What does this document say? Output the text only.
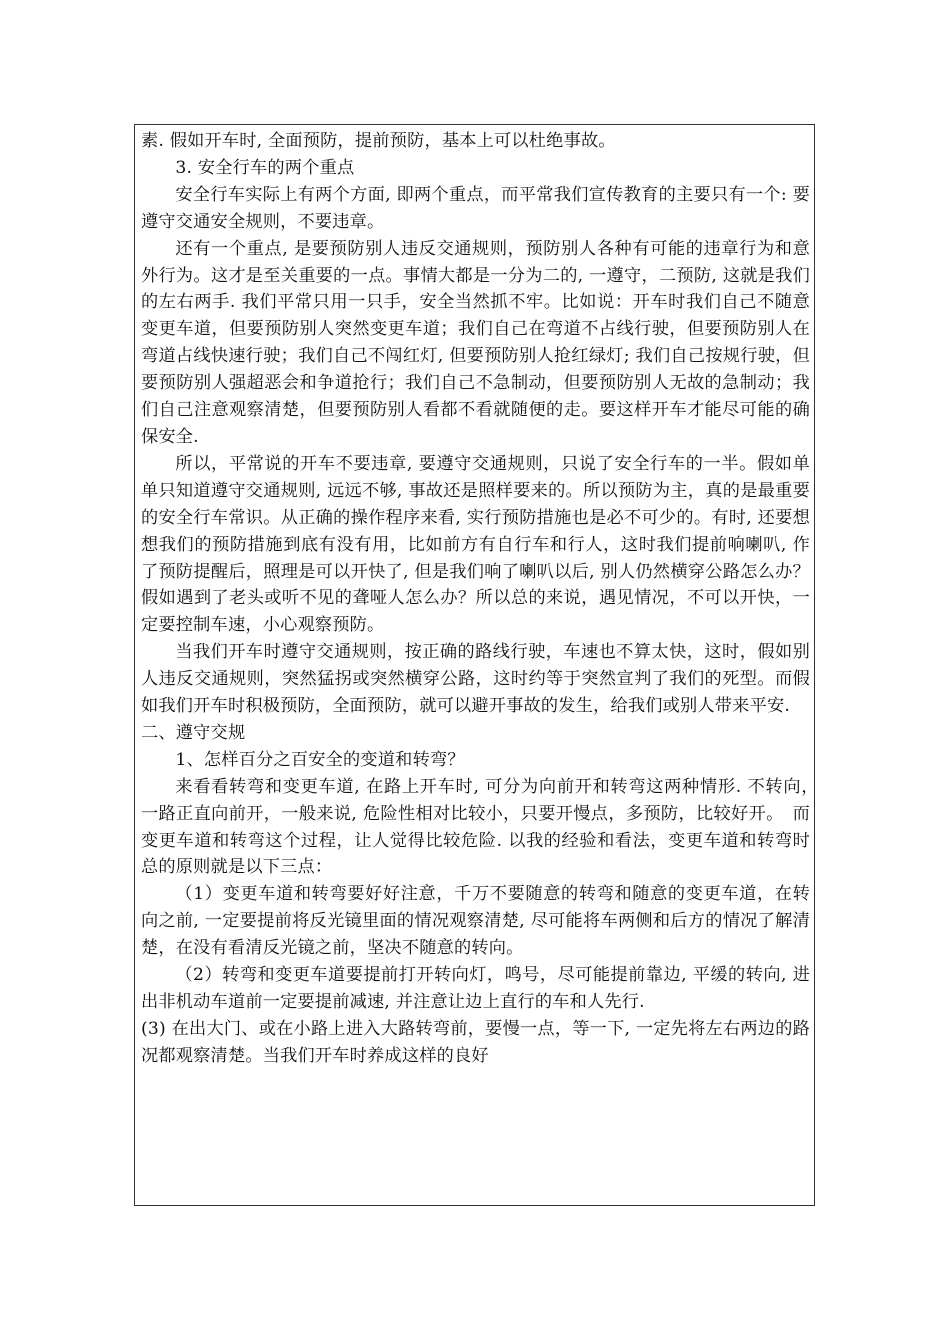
素. 假如开车时, 全面预防，提前预防，基本上可以杜绝事故。

3. 安全行车的两个重点

安全行车实际上有两个方面, 即两个重点，而平常我们宣传教育的主要只有一个: 要遵守交通安全规则，不要违章。

还有一个重点, 是要预防别人违反交通规则，预防别人各种有可能的违章行为和意外行为。这才是至关重要的一点。事情大都是一分为二的, 一遵守，二预防, 这就是我们的左右两手. 我们平常只用一只手，安全当然抓不牢。比如说：开车时我们自己不随意变更车道，但要预防别人突然变更车道；我们自己在弯道不占线行驶，但要预防别人在弯道占线快速行驶；我们自己不闯红灯, 但要预防别人抢红绿灯; 我们自己按规行驶，但要预防别人强超恶会和争道抢行；我们自己不急制动，但要预防别人无故的急制动；我们自己注意观察清楚，但要预防别人看都不看就随便的走。要这样开车才能尽可能的确保安全.

所以，平常说的开车不要违章, 要遵守交通规则，只说了安全行车的一半。假如单单只知道遵守交通规则, 远远不够, 事故还是照样要来的。所以预防为主，真的是最重要的安全行车常识。从正确的操作程序来看, 实行预防措施也是必不可少的。有时, 还要想想我们的预防措施到底有没有用，比如前方有自行车和行人，这时我们提前响喇叭, 作了预防提醒后，照理是可以开快了, 但是我们响了喇叭以后, 别人仍然横穿公路怎么办？假如遇到了老头或听不见的聋哑人怎么办？所以总的来说，遇见情况，不可以开快，一定要控制车速，小心观察预防。

当我们开车时遵守交通规则，按正确的路线行驶，车速也不算太快，这时，假如别人违反交通规则，突然猛拐或突然横穿公路，这时约等于突然宣判了我们的死型。而假如我们开车时积极预防，全面预防，就可以避开事故的发生，给我们或别人带来平安.

二、遵守交规

1、怎样百分之百安全的变道和转弯？

来看看转弯和变更车道, 在路上开车时, 可分为向前开和转弯这两种情形. 不转向，　一路正直向前开，一般来说, 危险性相对比较小，只要开慢点，多预防，比较好开。　而变更车道和转弯这个过程，让人觉得比较危险. 以我的经验和看法，变更车道和转弯时总的原则就是以下三点：

（1）变更车道和转弯要好好注意，千万不要随意的转弯和随意的变更车道，在转向之前, 一定要提前将反光镜里面的情况观察清楚, 尽可能将车两侧和后方的情况了解清楚，在没有看清反光镜之前，坚决不随意的转向。

（2）转弯和变更车道要提前打开转向灯，鸣号，尽可能提前靠边, 平缓的转向, 进出非机动车道前一定要提前减速, 并注意让边上直行的车和人先行.

(3) 在出大门、或在小路上进入大路转弯前，要慢一点，等一下, 一定先将左右两边的路况都观察清楚。当我们开车时养成这样的良好
